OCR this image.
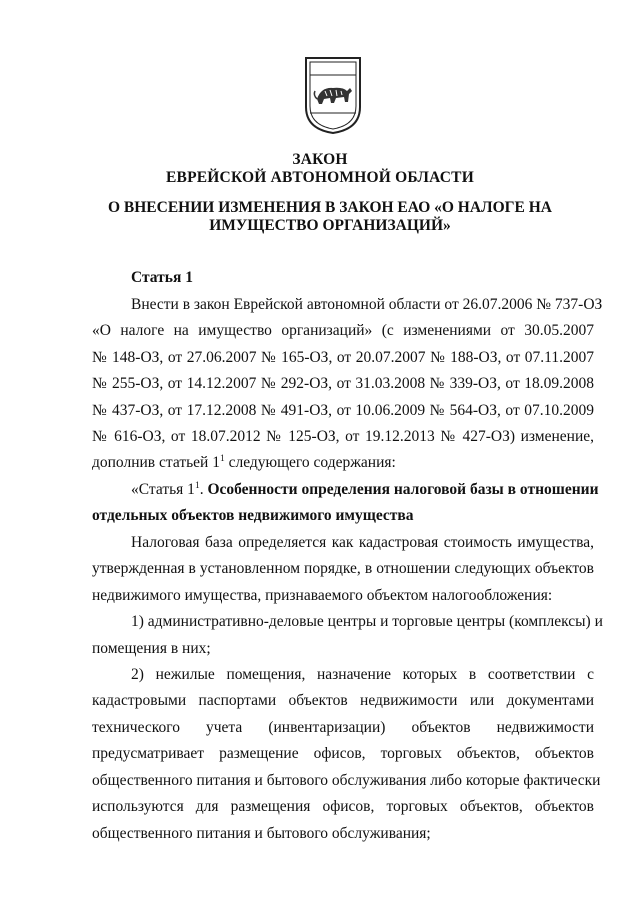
ЗАКОН
ЕВРЕЙСКОЙ АВТОНОМНОЙ ОБЛАСТИ
О ВНЕСЕНИИ ИЗМЕНЕНИЯ В ЗАКОН ЕАО «О НАЛОГЕ НА
ИМУЩЕСТВО ОРГАНИЗАЦИЙ»
Статья 1
Внести в закон Еврейской автономной области от 26.07.2006 № 737-ОЗ
«О налоге на имущество организаций» (с изменениями от 30.05.2007
№ 148-ОЗ, от 27.06.2007 № 165-ОЗ, от 20.07.2007 № 188-ОЗ, от 07.11.2007
№ 255-ОЗ, от 14.12.2007 № 292-ОЗ, от 31.03.2008 № 339-ОЗ, от 18.09.2008
№ 437-ОЗ, от 17.12.2008 № 491-ОЗ, от 10.06.2009 № 564-ОЗ, от 07.10.2009
№ 616-ОЗ, от 18.07.2012 № 125-ОЗ, от 19.12.2013 № 427-ОЗ) изменение,
дополнив статьей $1^1$ следующего содержания:
«Статья $1^1$. Особенности определения налоговой базы в отношении
отдельных объектов недвижимого имущества
Налоговая база определяется как кадастровая стоимость имущества,
утвержденная в установленном порядке, в отношении следующих объектов
недвижимого имущества, признаваемого объектом налогообложения:
1) административно-деловые центры и торговые центры (комплексы) и
помещения в них;
2) нежилые помещения, назначение которых в соответствии с
кадастровыми паспортами объектов недвижимости или документами
технического учета (инвентаризации) объектов недвижимости
предусматривает размещение офисов, торговых объектов, объектов
общественного питания и бытового обслуживания либо которые фактически
используются для размещения офисов, торговых объектов, объектов
общественного питания и бытового обслуживания;
